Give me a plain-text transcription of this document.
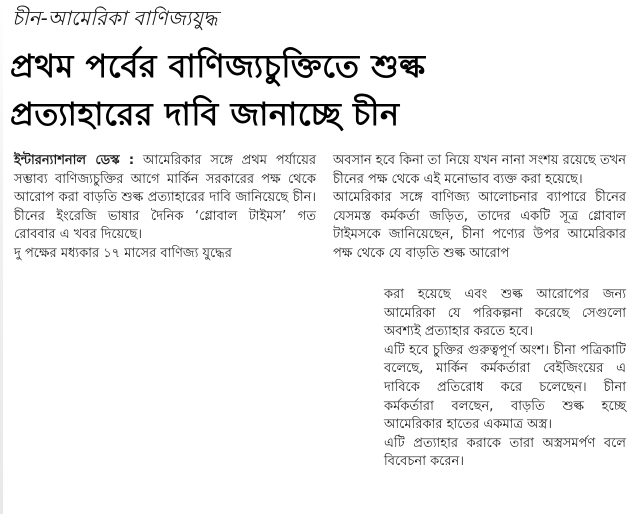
চীন-আমেরিকা বাণিজ্যযুদ্ধ
প্রথম পর্বের বাণিজ্যচুক্তিতে শুল্ক
প্রত্যাহারের দাবি জানাচ্ছে চীন

ইন্টারন্যাশনাল ডেস্ক : আমেরিকার সঙ্গে প্রথম পর্যায়ের সম্ভাব্য বাণিজ্যচুক্তির আগে মার্কিন সরকারের পক্ষ থেকে আরোপ করা বাড়তি শুল্ক প্রত্যাহারের দাবি জানিয়েছে চীন। চীনের ইংরেজি ভাষার দৈনিক ‘গ্লোবাল টাইমস’ গত রোববার এ খবর দিয়েছে।

দু পক্ষের মধ্যকার ১৭ মাসের বাণিজ্য যুদ্ধের

অবসান হবে কিনা তা নিয়ে যখন নানা সংশয় রয়েছে তখন চীনের পক্ষ থেকে এই মনোভাব ব্যক্ত করা হয়েছে।

আমেরিকার সঙ্গে বাণিজ্য আলোচনার ব্যাপারে চীনের যেসমস্ত কর্মকর্তা জড়িত, তাদের একটি সূত্র গ্লোবাল টাইমসকে জানিয়েছেন, চীনা পণ্যের উপর আমেরিকার পক্ষ থেকে যে বাড়তি শুল্ক আরোপ

করা হয়েছে এবং শুল্ক আরোপের জন্য আমেরিকা যে পরিকল্পনা করেছে সেগুলো অবশ্যই প্রত্যাহার করতে হবে।

এটি হবে চুক্তির গুরুত্বপূর্ণ অংশ। চীনা পত্রিকাটি বলেছে, মার্কিন কর্মকর্তারা বেইজিংয়ের এ দাবিকে প্রতিরোধ করে চলেছেন। চীনা কর্মকর্তারা বলছেন, বাড়তি শুল্ক হচ্ছে আমেরিকার হাতের একমাত্র অস্ত্র।

এটি প্রত্যাহার করাকে তারা অস্ত্রসমর্পণ বলে বিবেচনা করেন।
